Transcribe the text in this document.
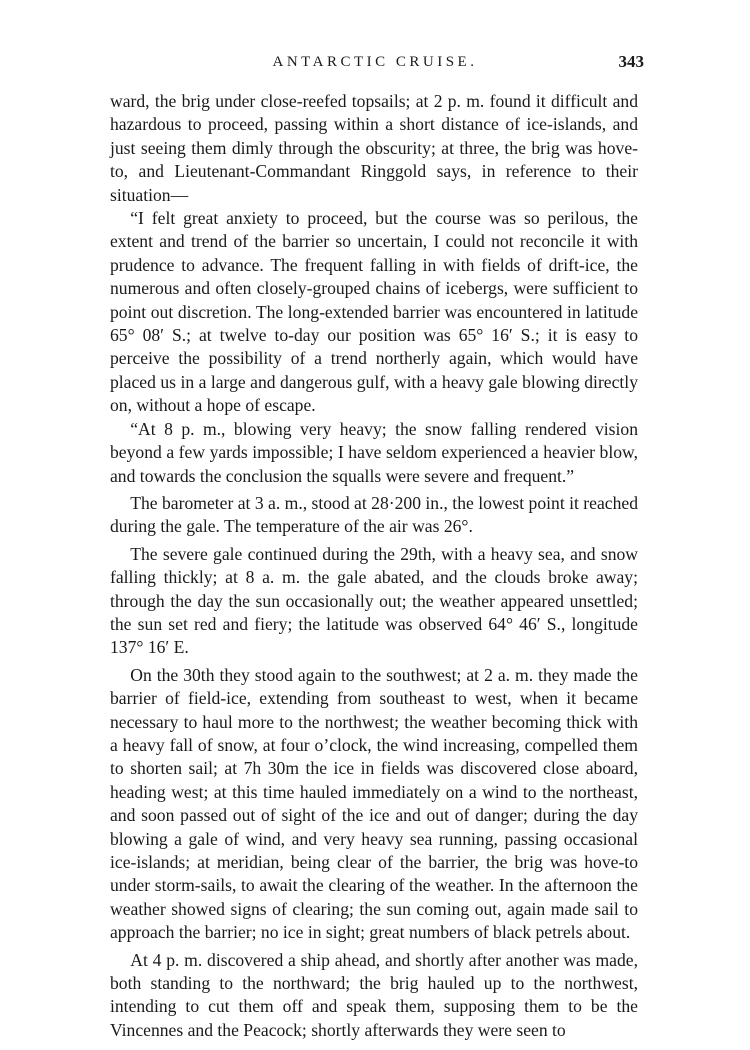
ANTARCTIC CRUISE.	343

ward, the brig under close-reefed topsails; at 2 p. m. found it difficult and hazardous to proceed, passing within a short distance of ice-islands, and just seeing them dimly through the obscurity; at three, the brig was hove-to, and Lieutenant-Commandant Ringgold says, in reference to their situation—

“I felt great anxiety to proceed, but the course was so perilous, the extent and trend of the barrier so uncertain, I could not reconcile it with prudence to advance. The frequent falling in with fields of drift-ice, the numerous and often closely-grouped chains of icebergs, were sufficient to point out discretion. The long-extended barrier was encountered in latitude 65° 08′ S.; at twelve to-day our position was 65° 16′ S.; it is easy to perceive the possibility of a trend northerly again, which would have placed us in a large and dangerous gulf, with a heavy gale blowing directly on, without a hope of escape.

“At 8 p. m., blowing very heavy; the snow falling rendered vision beyond a few yards impossible; I have seldom experienced a heavier blow, and towards the conclusion the squalls were severe and frequent.”

The barometer at 3 a. m., stood at 28·200 in., the lowest point it reached during the gale. The temperature of the air was 26°.

The severe gale continued during the 29th, with a heavy sea, and snow falling thickly; at 8 a. m. the gale abated, and the clouds broke away; through the day the sun occasionally out; the weather appeared unsettled; the sun set red and fiery; the latitude was observed 64° 46′ S., longitude 137° 16′ E.

On the 30th they stood again to the southwest; at 2 a. m. they made the barrier of field-ice, extending from southeast to west, when it became necessary to haul more to the northwest; the weather becoming thick with a heavy fall of snow, at four o’clock, the wind increasing, compelled them to shorten sail; at 7h 30m the ice in fields was discovered close aboard, heading west; at this time hauled immediately on a wind to the northeast, and soon passed out of sight of the ice and out of danger; during the day blowing a gale of wind, and very heavy sea running, passing occasional ice-islands; at meridian, being clear of the barrier, the brig was hove-to under storm-sails, to await the clearing of the weather. In the afternoon the weather showed signs of clearing; the sun coming out, again made sail to approach the barrier; no ice in sight; great numbers of black petrels about.

At 4 p. m. discovered a ship ahead, and shortly after another was made, both standing to the northward; the brig hauled up to the northwest, intending to cut them off and speak them, supposing them to be the Vincennes and the Peacock; shortly afterwards they were seen to
